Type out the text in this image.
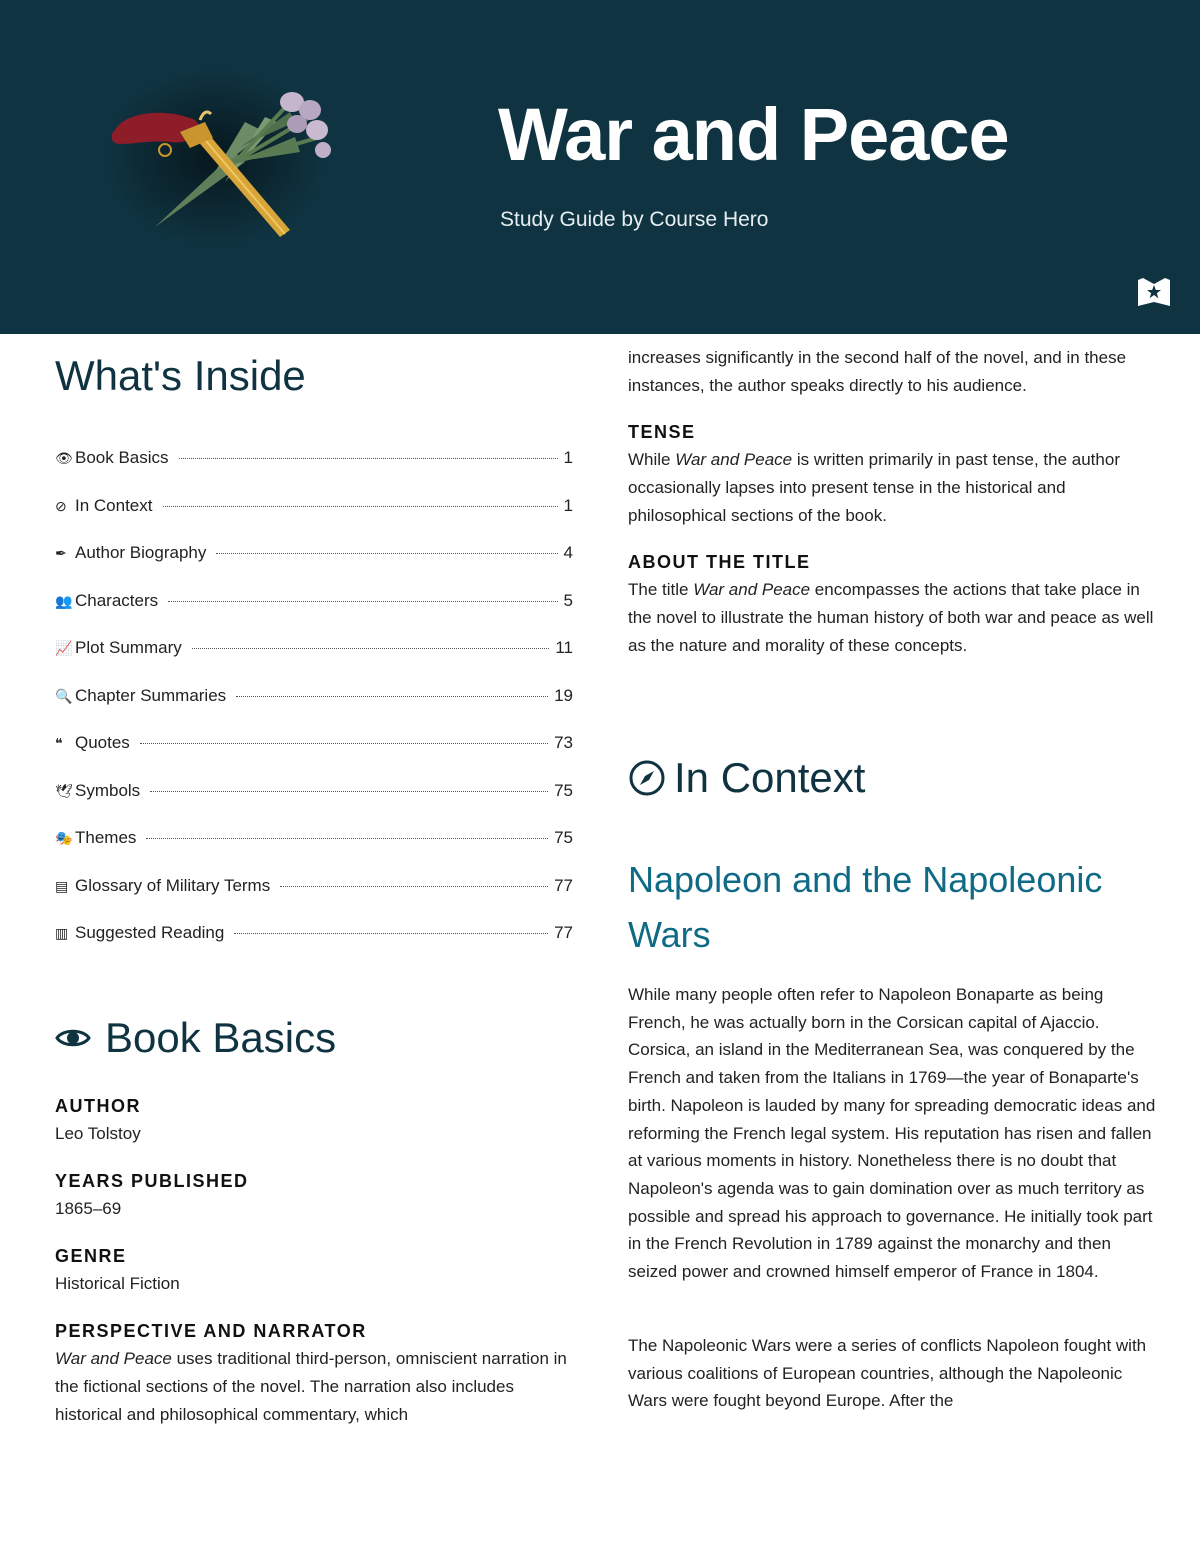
War and Peace
Study Guide by Course Hero
What's Inside
👁 Book Basics	1
⊘ In Context	1
✒ Author Biography	4
👥 Characters	5
📈 Plot Summary	11
🔍 Chapter Summaries	19
❝ Quotes	73
🕊 Symbols	75
🎭 Themes	75
▤ Glossary of Military Terms	77
▥ Suggested Reading	77
Book Basics
AUTHOR
Leo Tolstoy
YEARS PUBLISHED
1865–69
GENRE
Historical Fiction
PERSPECTIVE AND NARRATOR
War and Peace uses traditional third-person, omniscient narration in the fictional sections of the novel. The narration also includes historical and philosophical commentary, which

increases significantly in the second half of the novel, and in these instances, the author speaks directly to his audience.

TENSE
While War and Peace is written primarily in past tense, the author occasionally lapses into present tense in the historical and philosophical sections of the book.
ABOUT THE TITLE
The title War and Peace encompasses the actions that take place in the novel to illustrate the human history of both war and peace as well as the nature and morality of these concepts.
In Context
Napoleon and the Napoleonic Wars

While many people often refer to Napoleon Bonaparte as being French, he was actually born in the Corsican capital of Ajaccio. Corsica, an island in the Mediterranean Sea, was conquered by the French and taken from the Italians in 1769—the year of Bonaparte's birth. Napoleon is lauded by many for spreading democratic ideas and reforming the French legal system. His reputation has risen and fallen at various moments in history. Nonetheless there is no doubt that Napoleon's agenda was to gain domination over as much territory as possible and spread his approach to governance. He initially took part in the French Revolution in 1789 against the monarchy and then seized power and crowned himself emperor of France in 1804.

The Napoleonic Wars were a series of conflicts Napoleon fought with various coalitions of European countries, although the Napoleonic Wars were fought beyond Europe. After the
